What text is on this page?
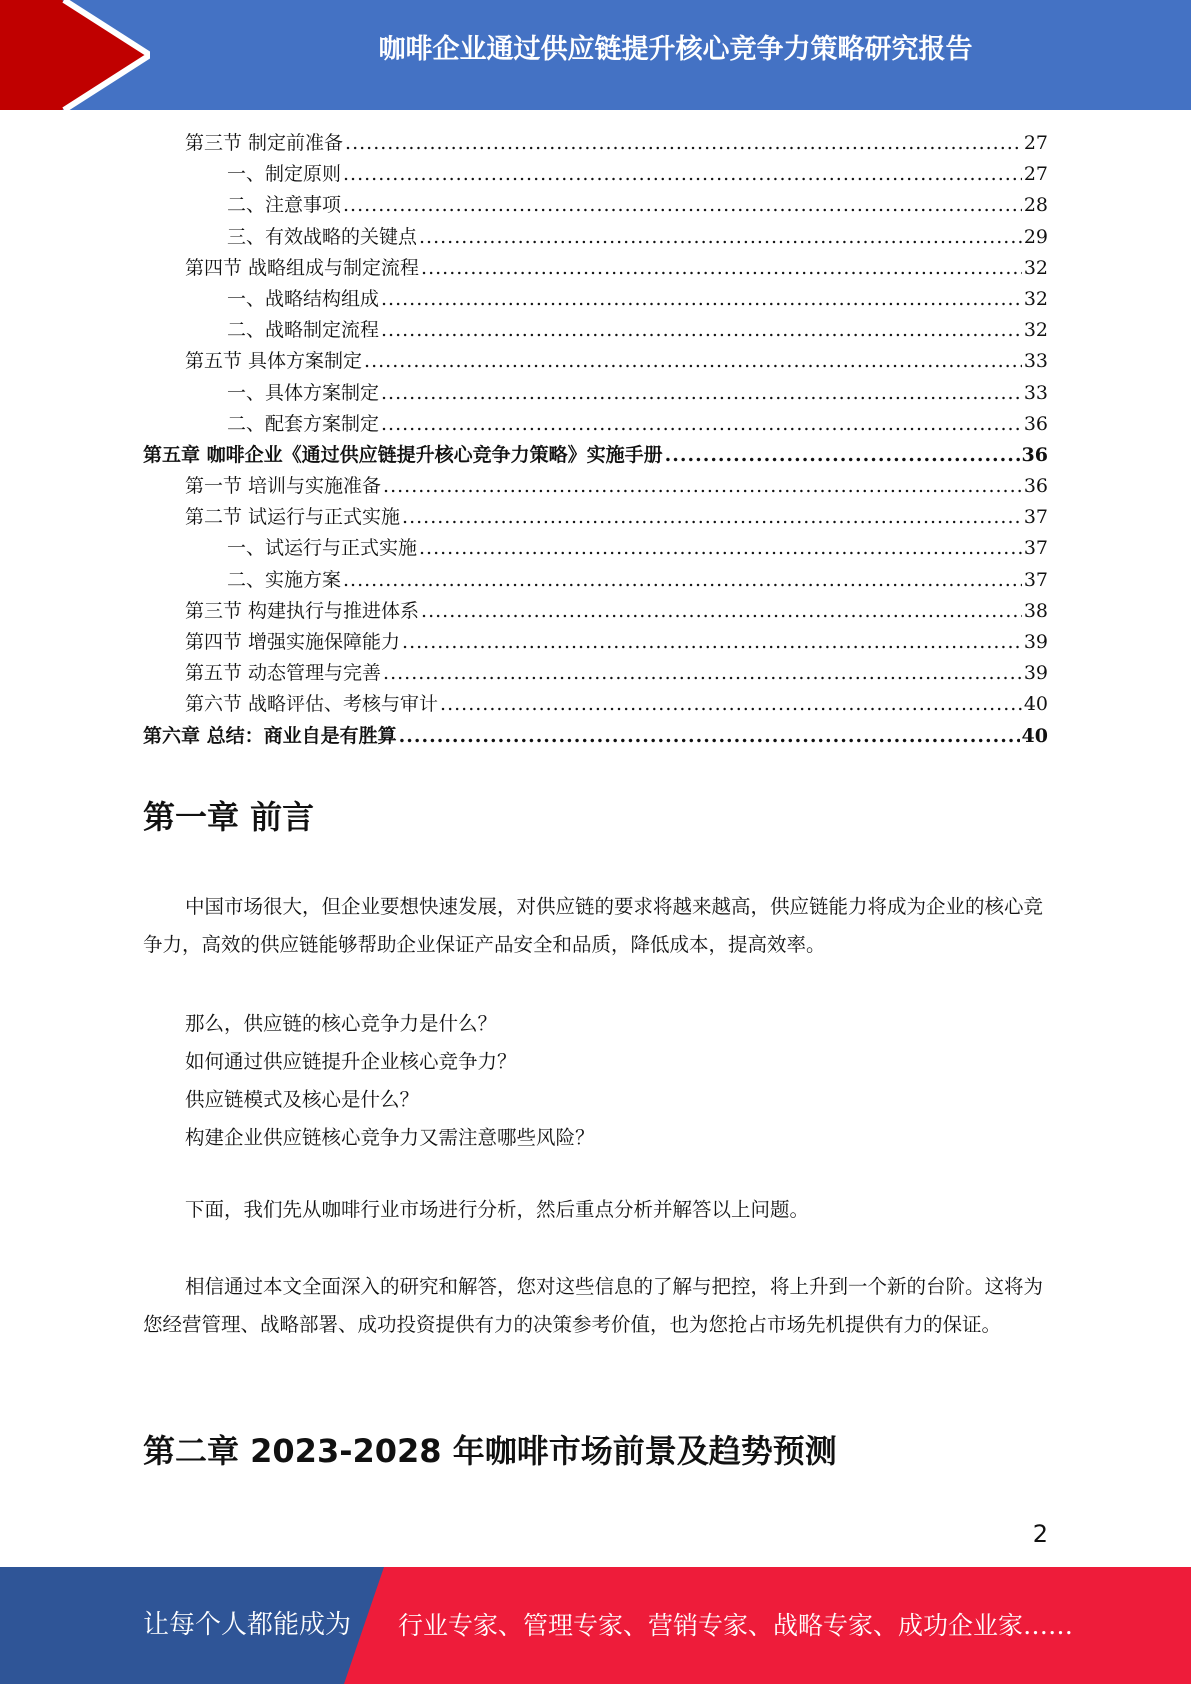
咖啡企业通过供应链提升核心竞争力策略研究报告
第三节 制定前准备 .....	27
一、制定原则 .....	27
二、注意事项 .....	28
三、有效战略的关键点 .....	29
第四节 战略组成与制定流程 .....	32
一、战略结构组成 .....	32
二、战略制定流程 .....	32
第五节 具体方案制定 .....	33
一、具体方案制定 .....	33
二、配套方案制定 .....	36
第五章 咖啡企业《通过供应链提升核心竞争力策略》实施手册 .....	36
第一节 培训与实施准备 .....	36
第二节 试运行与正式实施 .....	37
一、试运行与正式实施 .....	37
二、实施方案 .....	37
第三节 构建执行与推进体系 .....	38
第四节 增强实施保障能力 .....	39
第五节 动态管理与完善 .....	39
第六节 战略评估、考核与审计 .....	40
第六章 总结：商业自是有胜算 .....	40
第一章 前言

中国市场很大，但企业要想快速发展，对供应链的要求将越来越高，供应链能力将成为企业的核心竞争力，高效的供应链能够帮助企业保证产品安全和品质，降低成本，提高效率。

那么，供应链的核心竞争力是什么？

如何通过供应链提升企业核心竞争力？

供应链模式及核心是什么？

构建企业供应链核心竞争力又需注意哪些风险？

下面，我们先从咖啡行业市场进行分析，然后重点分析并解答以上问题。

相信通过本文全面深入的研究和解答，您对这些信息的了解与把控，将上升到一个新的台阶。这将为您经营管理、战略部署、成功投资提供有力的决策参考价值，也为您抢占市场先机提供有力的保证。

第二章 2023-2028 年咖啡市场前景及趋势预测
2
让每个人都能成为 行业专家、管理专家、营销专家、战略专家、成功企业家……
